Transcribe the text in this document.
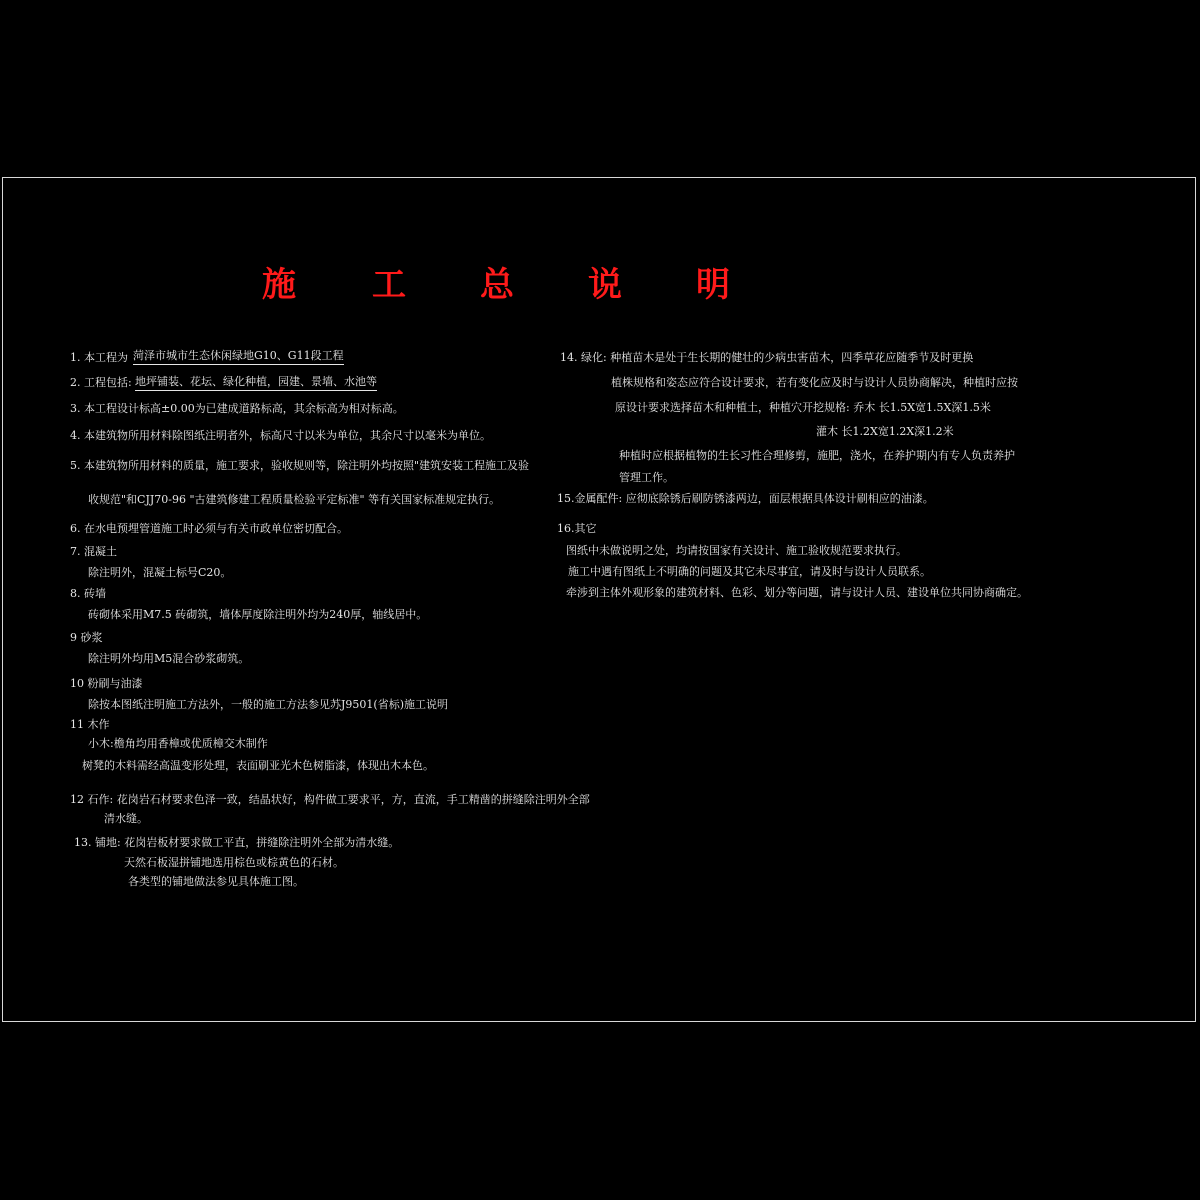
施 工 总 说 明
1. 本工程为 菏泽市城市生态休闲绿地G10、G11段工程
2. 工程包括: 地坪铺装、花坛、绿化种植，园建、景墙、水池等
3. 本工程设计标高±0.00为已建成道路标高，其余标高为相对标高。
4. 本建筑物所用材料除图纸注明者外，标高尺寸以米为单位，其余尺寸以毫米为单位。
5. 本建筑物所用材料的质量，施工要求，验收规则等，除注明外均按照"建筑安装工程施工及验
收规范"和CJJ70-96 "古建筑修建工程质量检验平定标准" 等有关国家标准规定执行。
6. 在水电预埋管道施工时必须与有关市政单位密切配合。
7. 混凝土
除注明外，混凝土标号C20。
8. 砖墙
砖砌体采用M7.5 砖砌筑，墙体厚度除注明外均为240厚，轴线居中。
9 砂浆
除注明外均用M5混合砂浆砌筑。
10 粉刷与油漆
除按本图纸注明施工方法外，一般的施工方法参见苏J9501(省标)施工说明
11 木作
小木:檐角均用香樟或优质樟交木制作
树凳的木料需经高温变形处理，表面刷亚光木色树脂漆，体现出木本色。
12 石作: 花岗岩石材要求色泽一致，结晶状好，构件做工要求平，方，直流，手工精凿的拼缝除注明外全部
清水缝。
13. 铺地: 花岗岩板材要求做工平直，拼缝除注明外全部为清水缝。
天然石板湿拼铺地选用棕色或棕黄色的石材。
各类型的铺地做法参见具体施工图。
14. 绿化: 种植苗木是处于生长期的健壮的少病虫害苗木，四季草花应随季节及时更换
植株规格和姿态应符合设计要求，若有变化应及时与设计人员协商解决，种植时应按
原设计要求选择苗木和种植土，种植穴开挖规格: 乔木 长1.5X宽1.5X深1.5米
灌木 长1.2X宽1.2X深1.2米
种植时应根据植物的生长习性合理修剪，施肥，浇水，在养护期内有专人负责养护
管理工作。
15.金属配件: 应彻底除锈后刷防锈漆两边，面层根据具体设计刷相应的油漆。
16.其它
图纸中未做说明之处，均请按国家有关设计、施工验收规范要求执行。
施工中遇有图纸上不明确的问题及其它未尽事宜，请及时与设计人员联系。
牵涉到主体外观形象的建筑材料、色彩、划分等问题，请与设计人员、建设单位共同协商确定。
